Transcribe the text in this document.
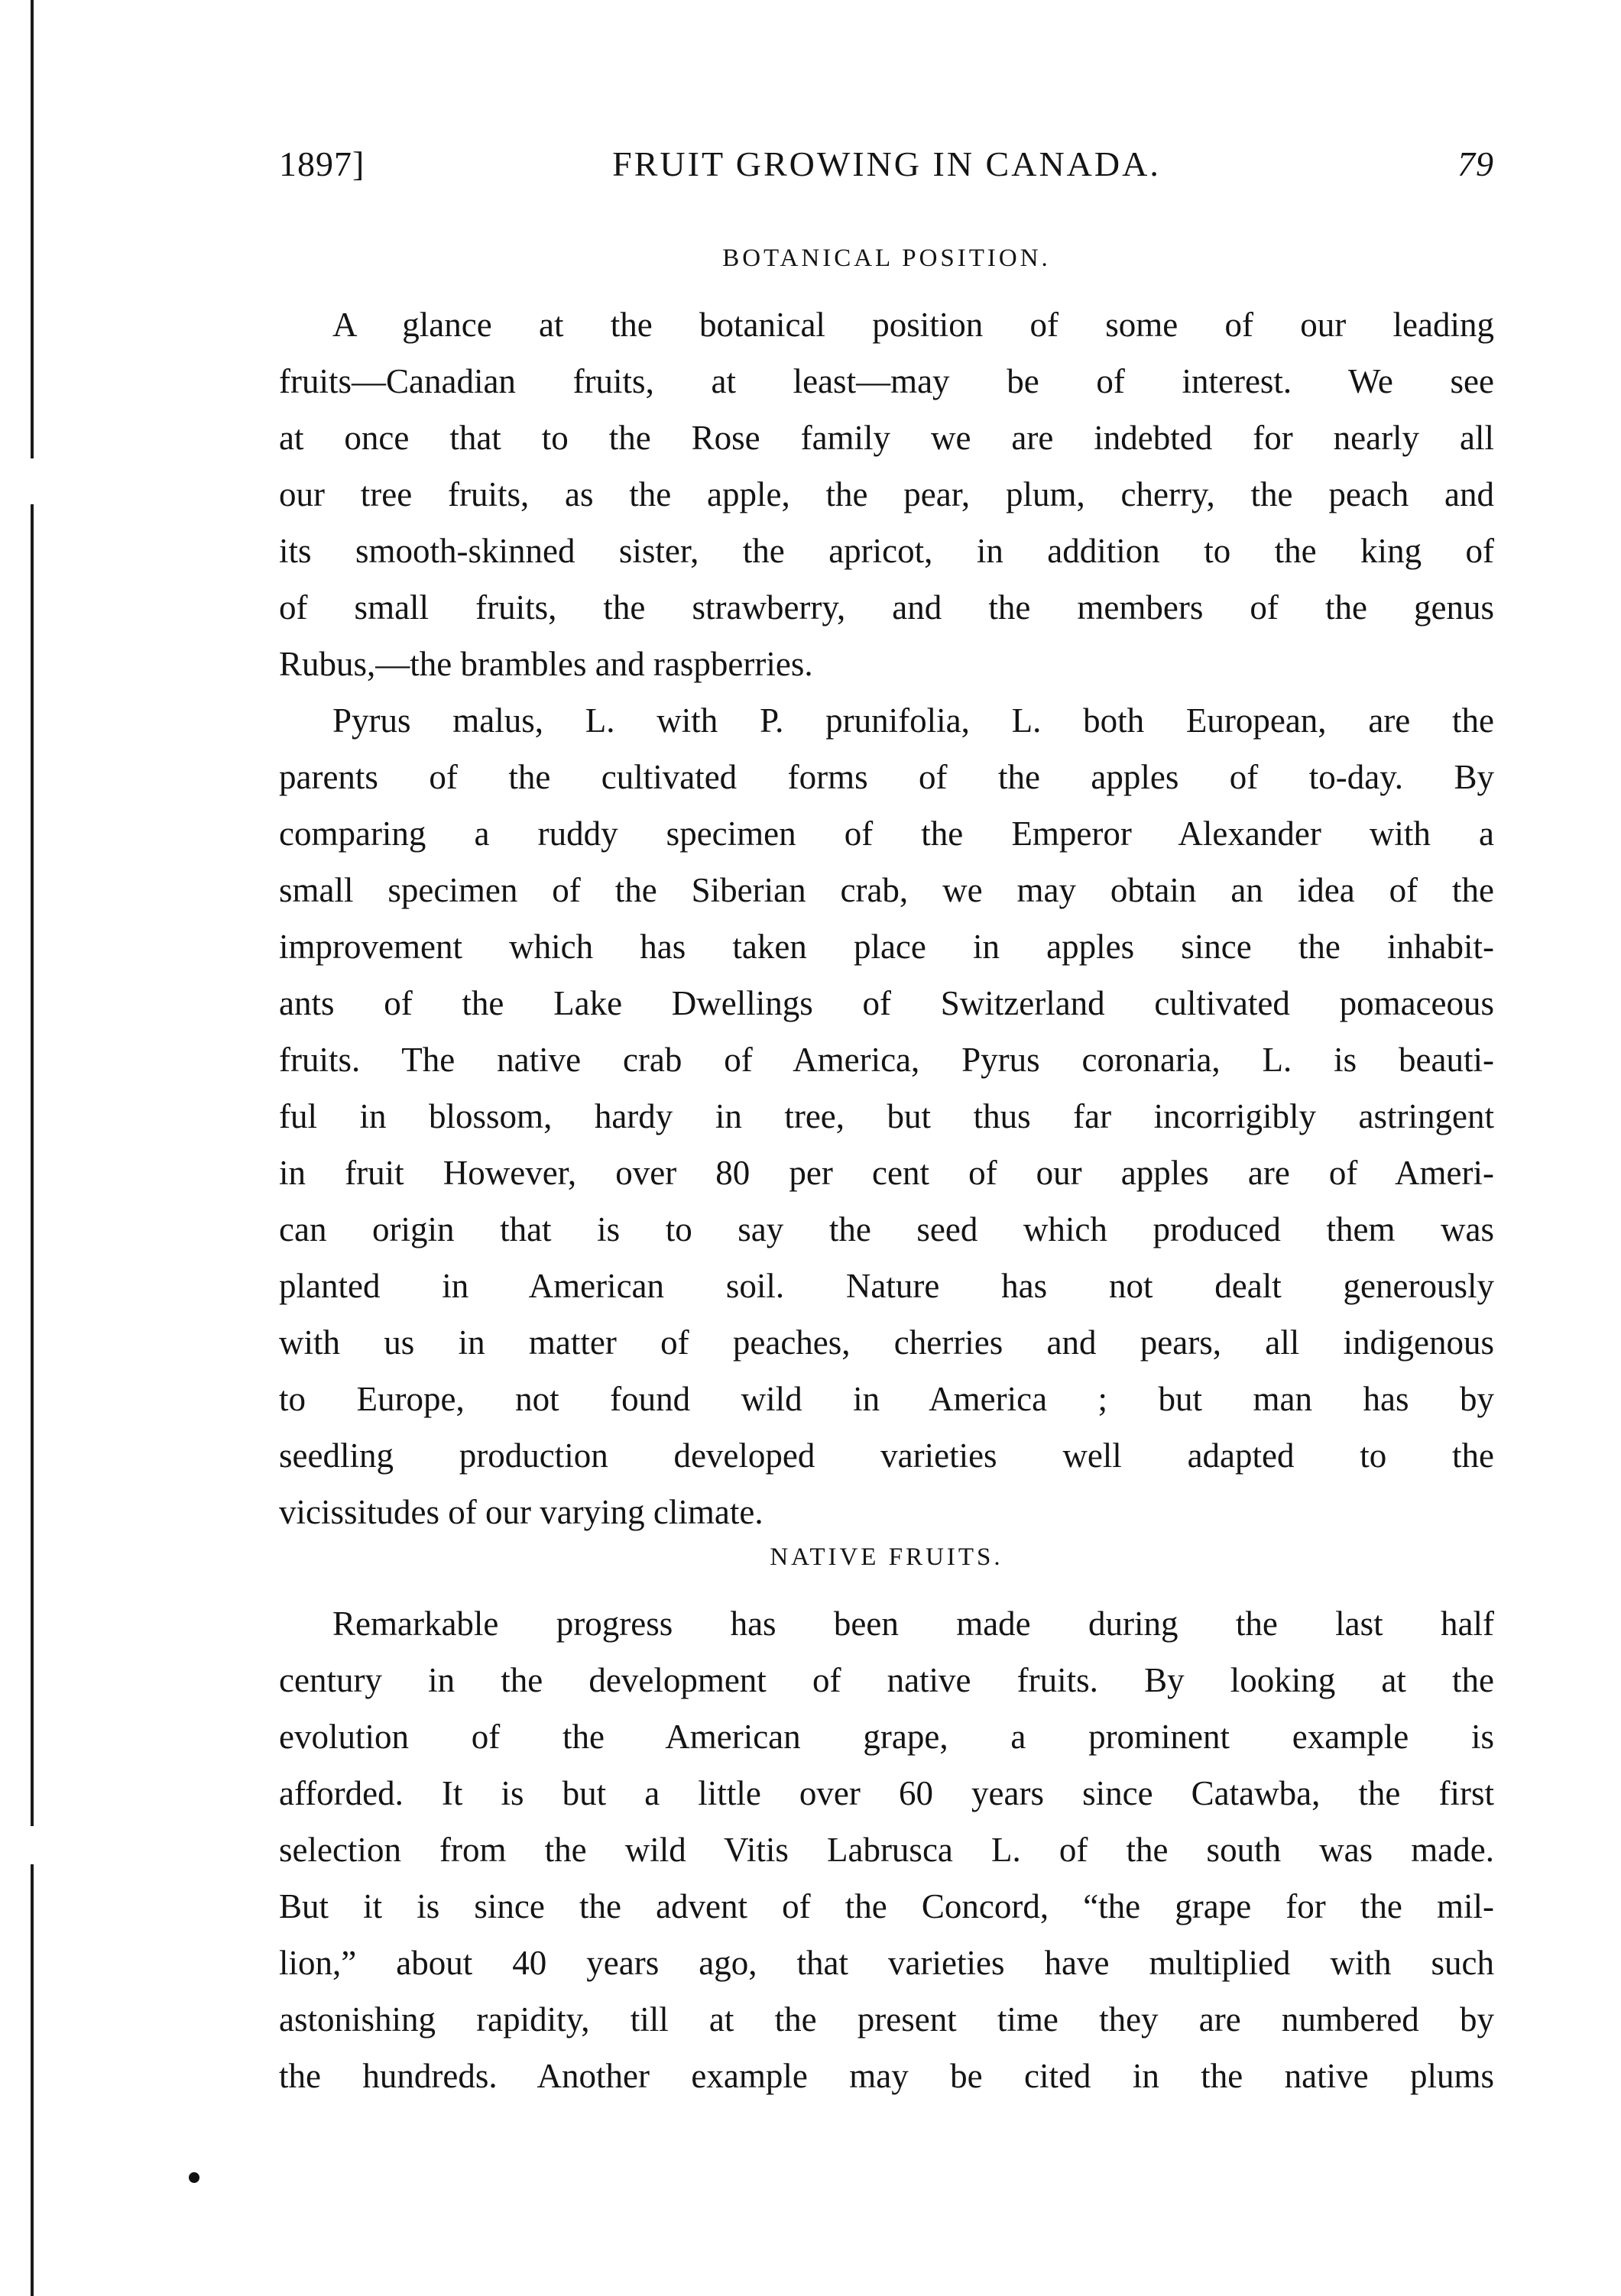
1897]	FRUIT GROWING IN CANADA.	79
BOTANICAL POSITION.

A glance at the botanical position of some of our leading
fruits—Canadian fruits, at least—may be of interest. We see
at once that to the Rose family we are indebted for nearly all
our tree fruits, as the apple, the pear, plum, cherry, the peach and
its smooth-skinned sister, the apricot, in addition to the king of
of small fruits, the strawberry, and the members of the genus
Rubus,—the brambles and raspberries.

Pyrus malus, L. with P. prunifolia, L. both European, are the
parents of the cultivated forms of the apples of to-day. By
comparing a ruddy specimen of the Emperor Alexander with a
small specimen of the Siberian crab, we may obtain an idea of the
improvement which has taken place in apples since the inhabit-
ants of the Lake Dwellings of Switzerland cultivated pomaceous
fruits. The native crab of America, Pyrus coronaria, L. is beauti-
ful in blossom, hardy in tree, but thus far incorrigibly astringent
in fruit However, over 80 per cent of our apples are of Ameri-
can origin that is to say the seed which produced them was
planted in American soil. Nature has not dealt generously
with us in matter of peaches, cherries and pears, all indigenous
to Europe, not found wild in America ; but man has by
seedling production developed varieties well adapted to the
vicissitudes of our varying climate.

NATIVE FRUITS.

Remarkable progress has been made during the last half
century in the development of native fruits. By looking at the
evolution of the American grape, a prominent example is
afforded. It is but a little over 60 years since Catawba, the first
selection from the wild Vitis Labrusca L. of the south was made.
But it is since the advent of the Concord, “the grape for the mil-
lion,” about 40 years ago, that varieties have multiplied with such
astonishing rapidity, till at the present time they are numbered by
the hundreds. Another example may be cited in the native plums
